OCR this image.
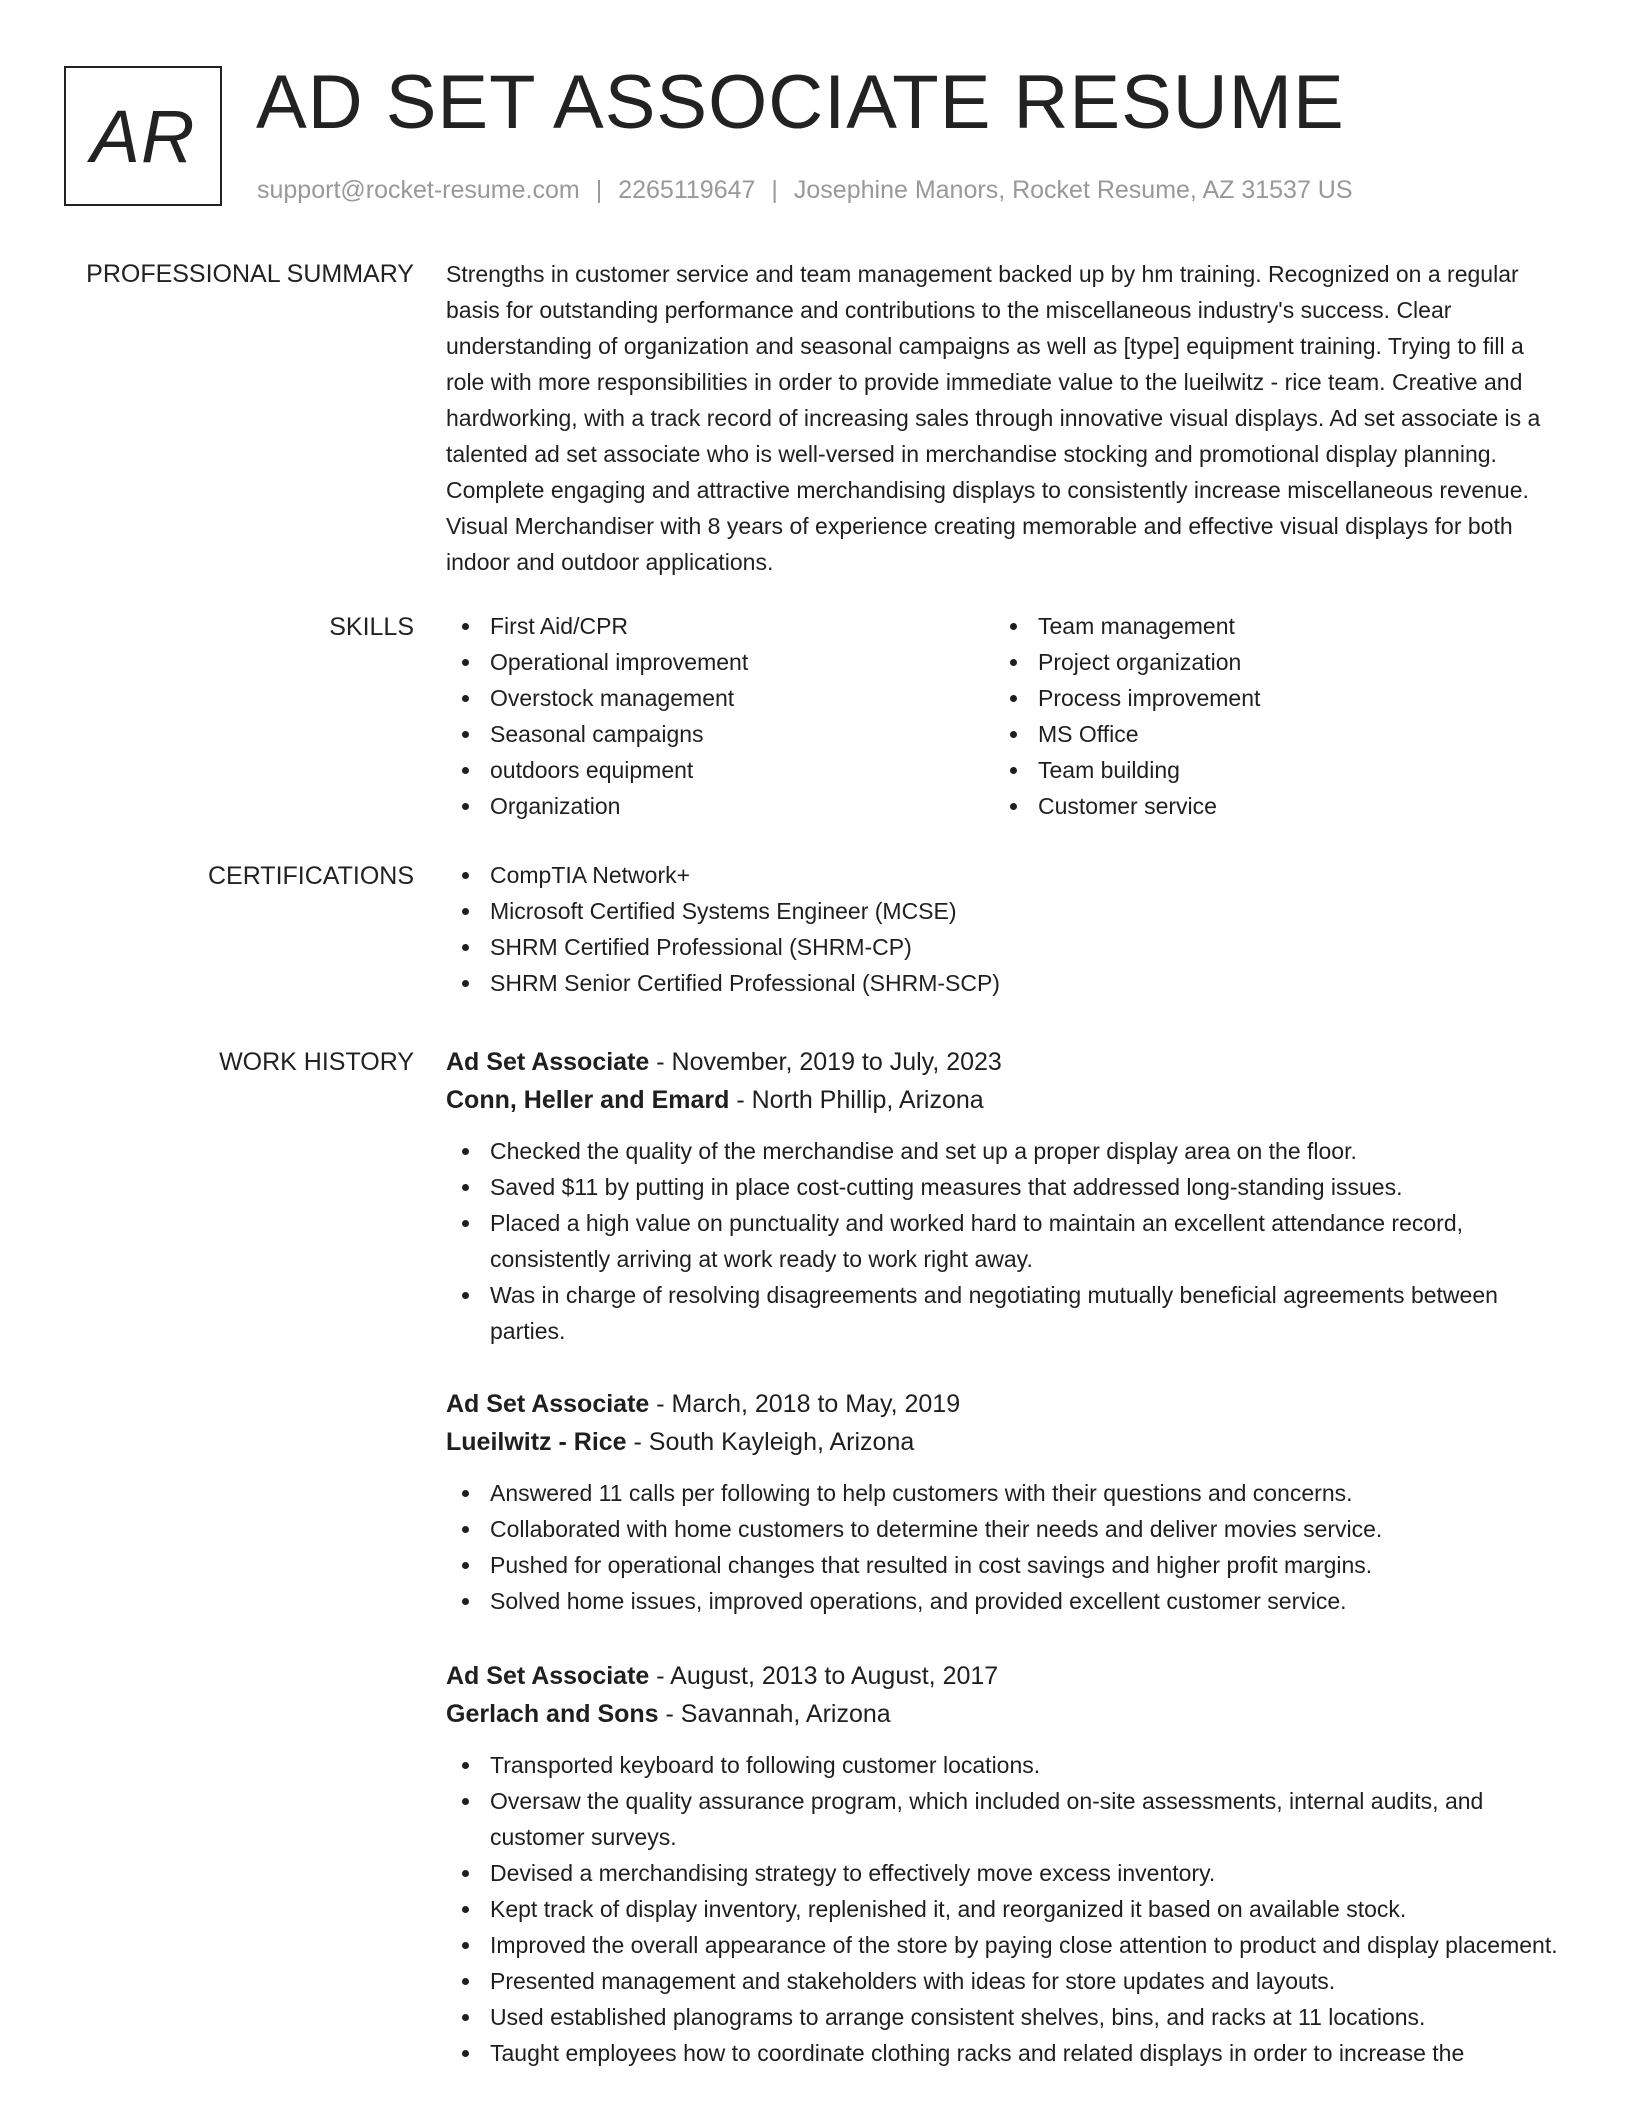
AR AD SET ASSOCIATE RESUME
support@rocket-resume.com | 2265119647 | Josephine Manors, Rocket Resume, AZ 31537 US
PROFESSIONAL SUMMARY Strengths in customer service and team management backed up by hm training. Recognized on a regular basis for outstanding performance and contributions to the miscellaneous industry's success. Clear understanding of organization and seasonal campaigns as well as [type] equipment training. Trying to fill a role with more responsibilities in order to provide immediate value to the lueilwitz - rice team. Creative and hardworking, with a track record of increasing sales through innovative visual displays. Ad set associate is a talented ad set associate who is well-versed in merchandise stocking and promotional display planning. Complete engaging and attractive merchandising displays to consistently increase miscellaneous revenue. Visual Merchandiser with 8 years of experience creating memorable and effective visual displays for both indoor and outdoor applications.

SKILLS	First Aid/CPR
Operational improvement
Overstock management
Seasonal campaigns
outdoors equipment
Organization
Team management
Project organization
Process improvement
MS Office
Team building
Customer service
CERTIFICATIONS	CompTIA Network+
Microsoft Certified Systems Engineer (MCSE)
SHRM Certified Professional (SHRM-CP)
SHRM Senior Certified Professional (SHRM-SCP)
WORK HISTORY Ad Set Associate - November, 2019 to July, 2023
Conn, Heller and Emard - North Phillip, Arizona
Checked the quality of the merchandise and set up a proper display area on the floor.
Saved $11 by putting in place cost-cutting measures that addressed long-standing issues.
Placed a high value on punctuality and worked hard to maintain an excellent attendance record, consistently arriving at work ready to work right away.
Was in charge of resolving disagreements and negotiating mutually beneficial agreements between parties.
Ad Set Associate - March, 2018 to May, 2019
Lueilwitz - Rice - South Kayleigh, Arizona
Answered 11 calls per following to help customers with their questions and concerns.
Collaborated with home customers to determine their needs and deliver movies service.
Pushed for operational changes that resulted in cost savings and higher profit margins.
Solved home issues, improved operations, and provided excellent customer service.
Ad Set Associate - August, 2013 to August, 2017
Gerlach and Sons - Savannah, Arizona
Transported keyboard to following customer locations.
Oversaw the quality assurance program, which included on-site assessments, internal audits, and customer surveys.
Devised a merchandising strategy to effectively move excess inventory.
Kept track of display inventory, replenished it, and reorganized it based on available stock.
Improved the overall appearance of the store by paying close attention to product and display placement.
Presented management and stakeholders with ideas for store updates and layouts.
Used established planograms to arrange consistent shelves, bins, and racks at 11 locations.
Taught employees how to coordinate clothing racks and related displays in order to increase the
